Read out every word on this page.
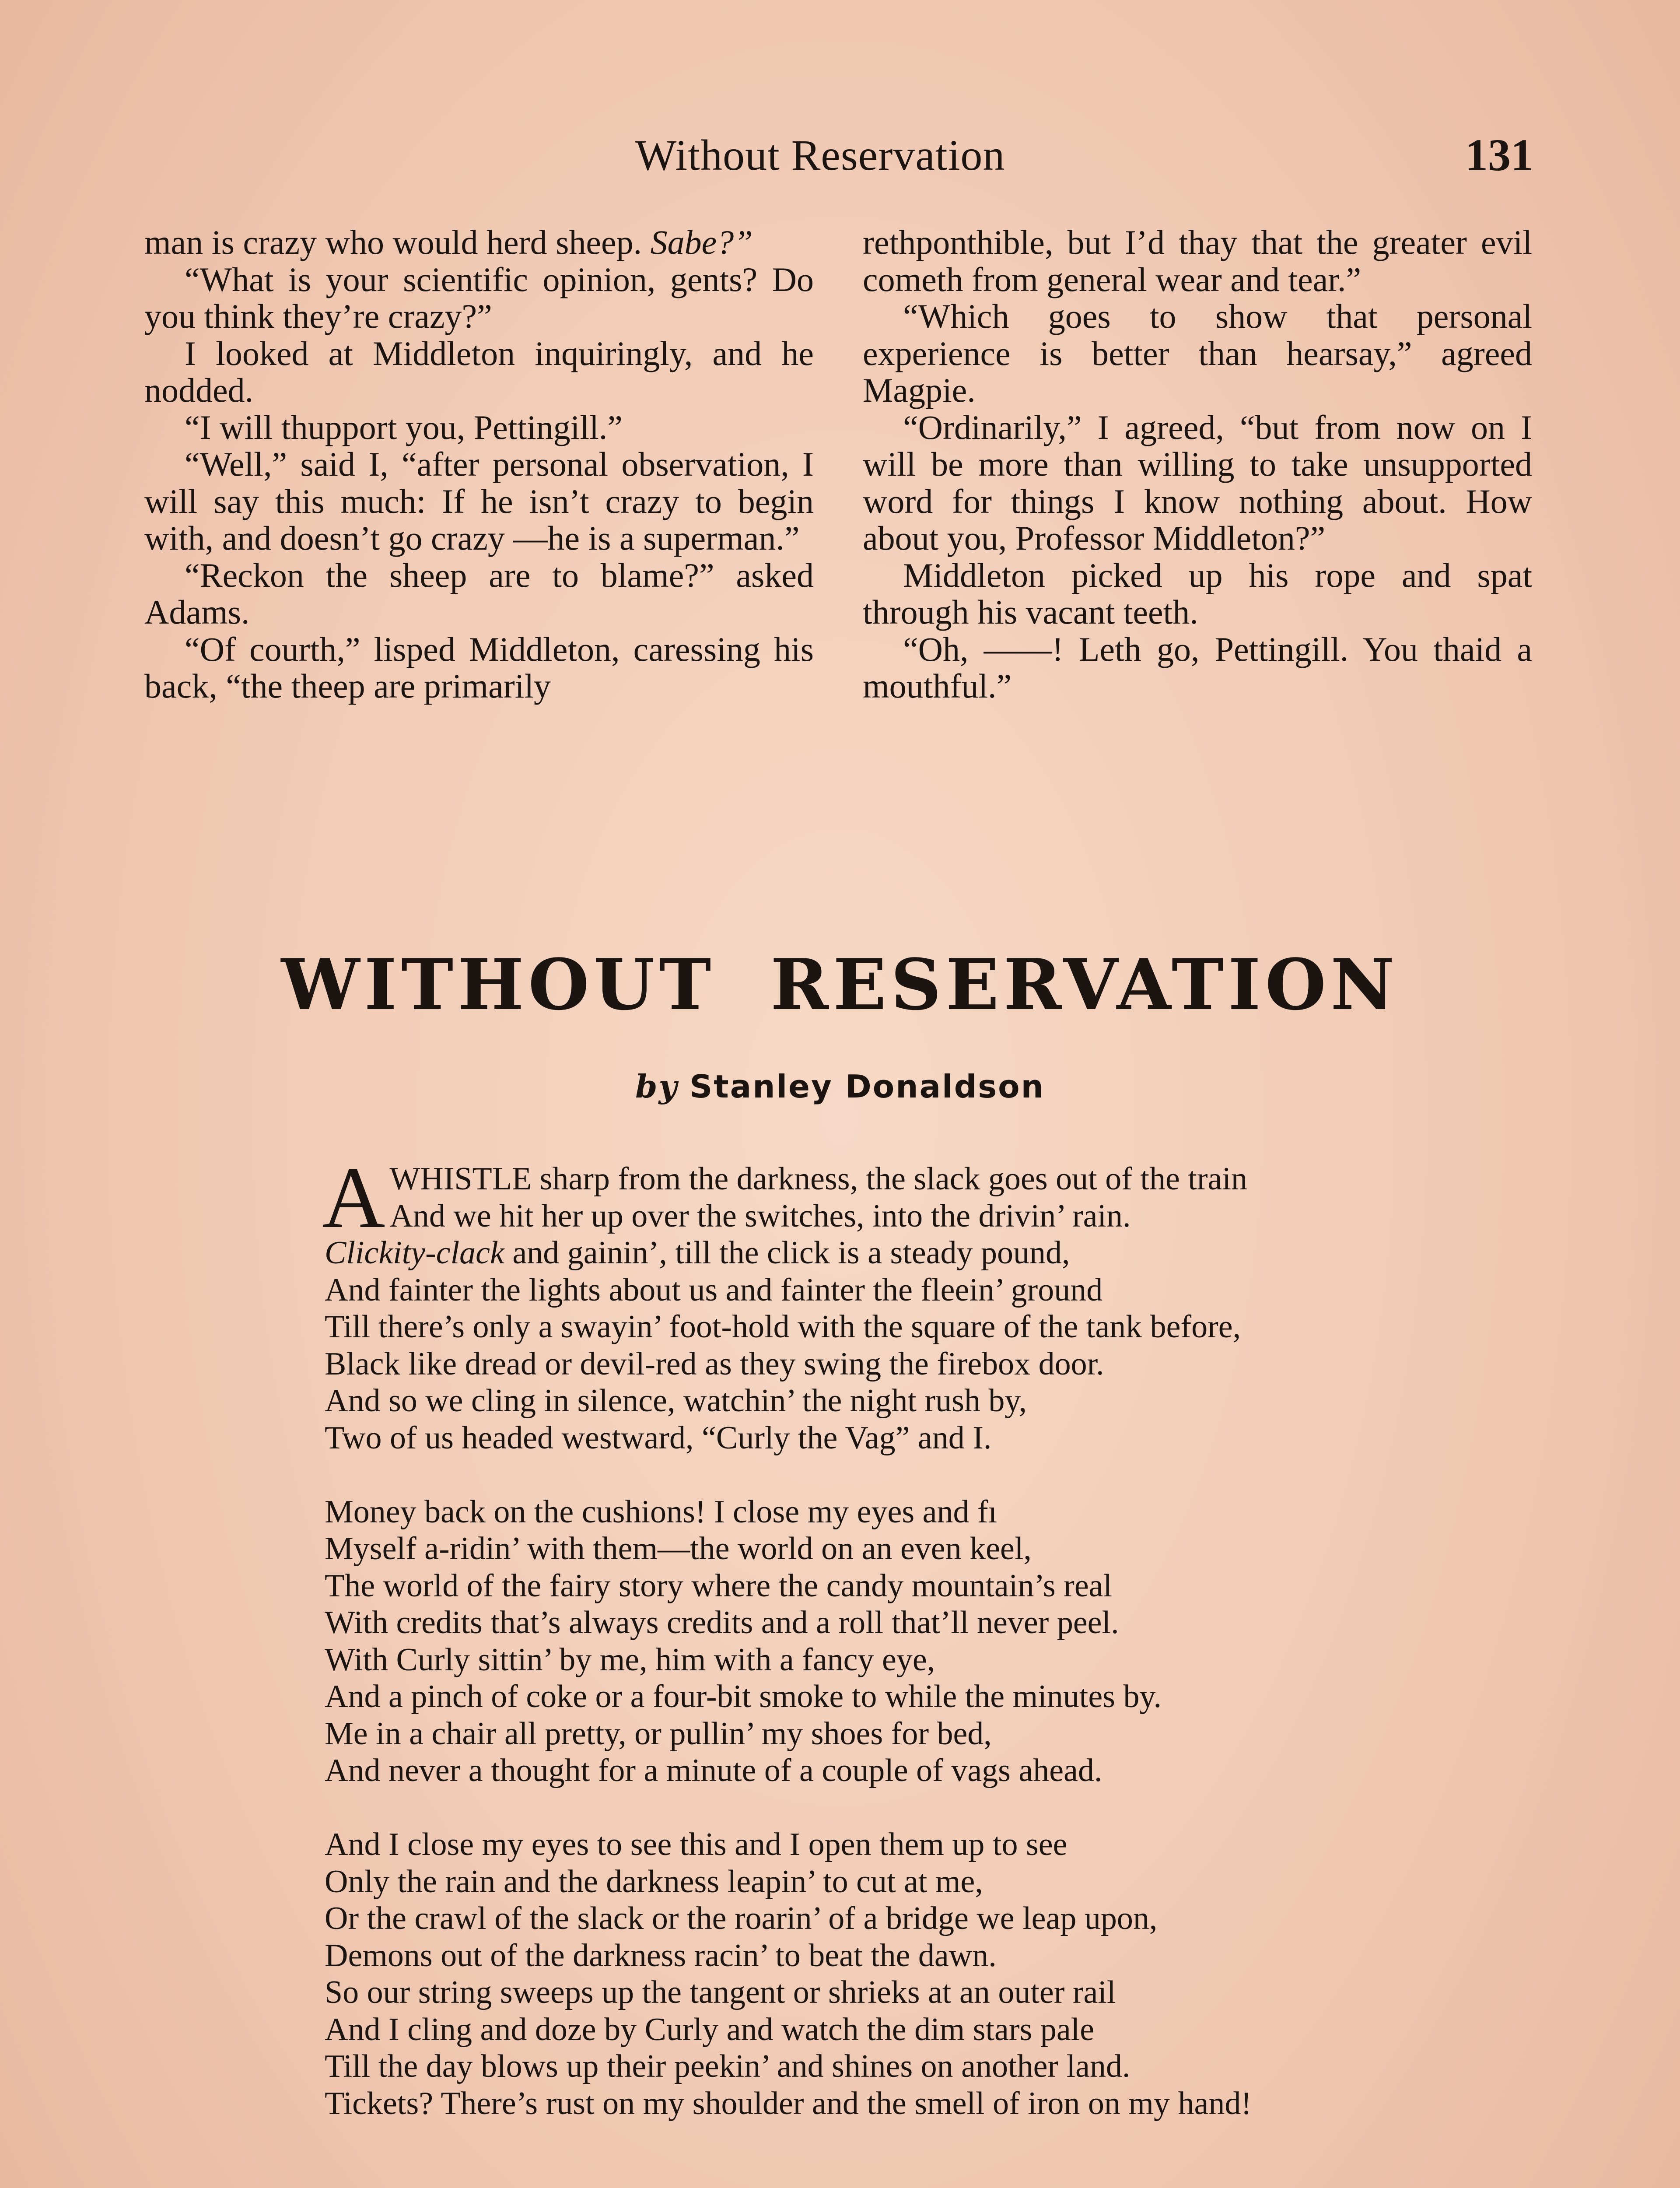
Without Reservation	131

man is crazy who would herd sheep. Sabe?”

“What is your scientific opinion, gents? Do you think they’re crazy?”

I looked at Middleton inquiringly, and he nodded.

“I will thupport you, Pettingill.”

“Well,” said I, “after personal observation, I will say this much: If he isn’t crazy to begin with, and doesn’t go crazy —he is a superman.”

“Reckon the sheep are to blame?” asked Adams.

“Of courth,” lisped Middleton, caressing his back, “the theep are primarily

rethponthible, but I’d thay that the greater evil cometh from general wear and tear.”

“Which goes to show that personal experience is better than hearsay,” agreed Magpie.

“Ordinarily,” I agreed, “but from now on I will be more than willing to take unsupported word for things I know nothing about. How about you, Professor Middleton?”

Middleton picked up his rope and spat through his vacant teeth.

“Oh, ——! Leth go, Pettingill. You thaid a mouthful.”

WITHOUT RESERVATION
by Stanley Donaldson
A WHISTLE sharp from the darkness, the slack goes out of the train
And we hit her up over the switches, into the drivin’ rain.
Clickity-clack and gainin’, till the click is a steady pound,
And fainter the lights about us and fainter the fleein’ ground
Till there’s only a swayin’ foot-hold with the square of the tank before,
Black like dread or devil-red as they swing the firebox door.
And so we cling in silence, watchin’ the night rush by,
Two of us headed westward, “Curly the Vag” and I.
Money back on the cushions! I close my eyes and fı
Myself a-ridin’ with them—the world on an even keel,
The world of the fairy story where the candy mountain’s real
With credits that’s always credits and a roll that’ll never peel.
With Curly sittin’ by me, him with a fancy eye,
And a pinch of coke or a four-bit smoke to while the minutes by.
Me in a chair all pretty, or pullin’ my shoes for bed,
And never a thought for a minute of a couple of vags ahead.
And I close my eyes to see this and I open them up to see
Only the rain and the darkness leapin’ to cut at me,
Or the crawl of the slack or the roarin’ of a bridge we leap upon,
Demons out of the darkness racin’ to beat the dawn.
So our string sweeps up the tangent or shrieks at an outer rail
And I cling and doze by Curly and watch the dim stars pale
Till the day blows up their peekin’ and shines on another land.
Tickets? There’s rust on my shoulder and the smell of iron on my hand!
